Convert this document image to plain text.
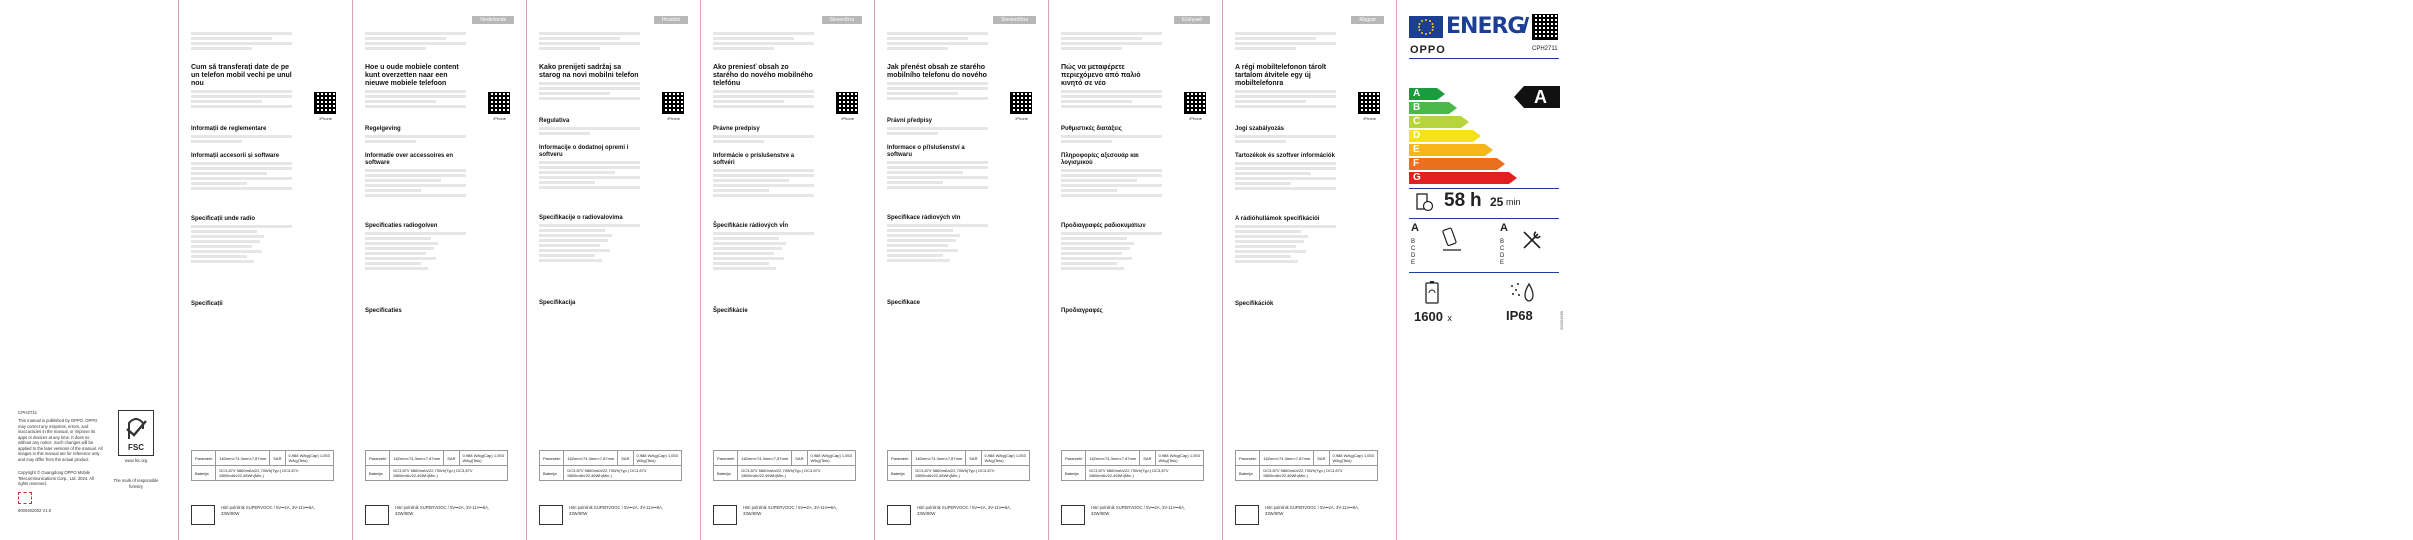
CPH2711
This manual is published by OPPO. OPPO may correct any misprints, errors, and inaccuracies in the manual, or improve its apps or devices at any time. It does so without any notice. Such changes will be applied to the later versions of the manual. All images in this manual are for reference only and may differ from the actual product.
Copyright © Guangdong OPPO Mobile Telecommunications Corp., Ltd. 2024. All rights reserved.
6000402002 V1.0
FSC
www.fsc.org
The mark of responsible forestry
iPhone
Cum să transferați date de pe un telefon mobil vechi pe unul nou
Informații de reglementare
Informații accesorii și software
Specificații unde radio
Specificații
Parametri	162mm×74,3mm×7,87mm	SAR	0,988 W/kg(Cap) 1,053 W/kg(Telo)
Baterija	DC3,87V 5860mAh/22,70Wh(Typ.) DC3,87V 5800mAh/22,46Wh(Min.)		
Hitri polnilnik SUPERVOOC / 5V⎓2A, 3V-11V⎓6A, 33W/80W
Nederlands
iPhone
Hoe u oude mobiele content kunt overzetten naar een nieuwe mobiele telefoon
Regelgeving
Informatie over accessoires en software
Specificaties radiogolven
Specificaties
Parametri	162mm×74,3mm×7,87mm	SAR	0,988 W/kg(Cap) 1,053 W/kg(Telo)
Baterija	DC3,87V 5860mAh/22,70Wh(Typ.) DC3,87V 5800mAh/22,46Wh(Min.)		
Hitri polnilnik SUPERVOOC / 5V⎓2A, 3V-11V⎓6A, 33W/80W
Hrvatski
iPhone
Kako prenijeti sadržaj sa starog na novi mobilni telefon
Regulativa
Informacije o dodatnoj opremi i softveru
Specifikacije o radiovalovima
Specifikacija
Parametri	162mm×74,3mm×7,87mm	SAR	0,988 W/kg(Cap) 1,053 W/kg(Telo)
Baterija	DC3,87V 5860mAh/22,70Wh(Typ.) DC3,87V 5800mAh/22,46Wh(Min.)		
Hitri polnilnik SUPERVOOC / 5V⎓2A, 3V-11V⎓6A, 33W/80W
Slovenčina
iPhone
Ako preniesť obsah zo starého do nového mobilného telefónu
Právne predpisy
Informácie o príslušenstve a softvéri
Špecifikácie rádiových vĺn
Špecifikácie
Parametri	162mm×74,3mm×7,87mm	SAR	0,988 W/kg(Cap) 1,053 W/kg(Telo)
Baterija	DC3,87V 5860mAh/22,70Wh(Typ.) DC3,87V 5800mAh/22,46Wh(Min.)		
Hitri polnilnik SUPERVOOC / 5V⎓2A, 3V-11V⎓6A, 33W/80W
Slovenščina
iPhone
Jak přenést obsah ze starého mobilního telefonu do nového
Právní předpisy
Informace o příslušenství a softwaru
Specifikace rádiových vln
Specifikace
Parametri	162mm×74,3mm×7,87mm	SAR	0,988 W/kg(Cap) 1,053 W/kg(Telo)
Baterija	DC3,87V 5860mAh/22,70Wh(Typ.) DC3,87V 5800mAh/22,46Wh(Min.)		
Hitri polnilnik SUPERVOOC / 5V⎓2A, 3V-11V⎓6A, 33W/80W
Ελληνικά
iPhone
Πώς να μεταφέρετε περιεχόμενο από παλιό κινητό σε νέο
Ρυθμιστικές διατάξεις
Πληροφορίες αξεσουάρ και λογισμικού
Προδιαγραφές ραδιοκυμάτων
Προδιαγραφές
Parametri	162mm×74,3mm×7,87mm	SAR	0,988 W/kg(Cap) 1,053 W/kg(Telo)
Baterija	DC3,87V 5860mAh/22,70Wh(Typ.) DC3,87V 5800mAh/22,46Wh(Min.)		
Hitri polnilnik SUPERVOOC / 5V⎓2A, 3V-11V⎓6A, 33W/80W
Magyar
iPhone
A régi mobiltelefonon tárolt tartalom átvitele egy új mobiltelefonra
Jogi szabályozás
Tartozékok és szoftver információk
A rádióhullámok specifikációi
Specifikációk
Parametri	162mm×74,3mm×7,87mm	SAR	0,988 W/kg(Cap) 1,053 W/kg(Telo)
Baterija	DC3,87V 5860mAh/22,70Wh(Typ.) DC3,87V 5800mAh/22,46Wh(Min.)		
Hitri polnilnik SUPERVOOC / 5V⎓2A, 3V-11V⎓6A, 33W/80W
ENERG
OPPO	CPH2711
A
B
C
D
E
F
G
A
58 h 25 min
A
B
C
D
E
A
B
C
D
E
1600 x	IP68	2023/1669
